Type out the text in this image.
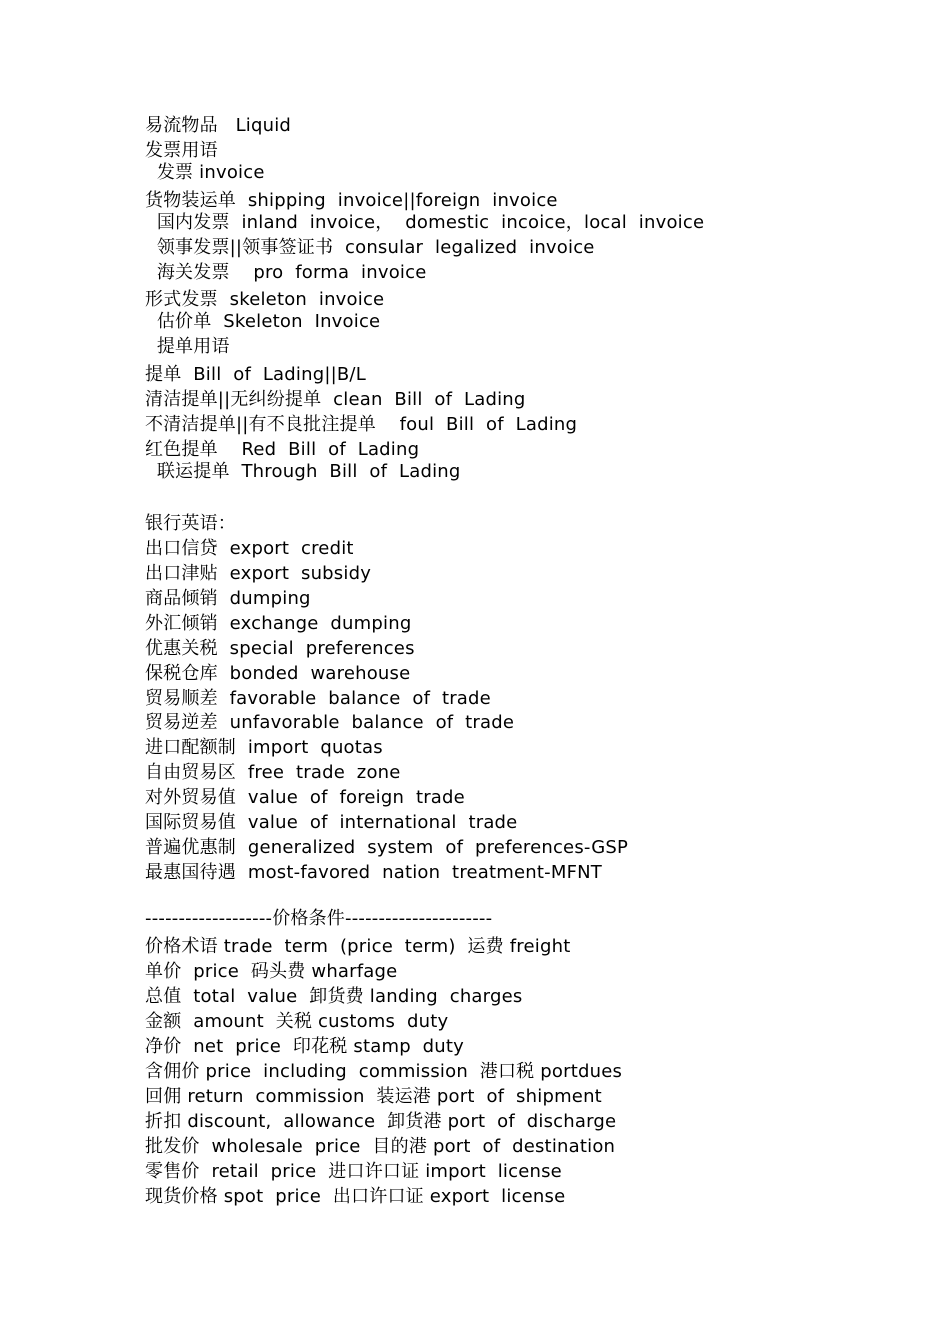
易流物品   Liquid
发票用语
发票 invoice
货物装运单  shipping  invoice||foreign  invoice
国内发票  inland  invoice，  domestic  incoice，local  invoice
领事发票||领事签证书  consular  legalized  invoice
海关发票    pro  forma  invoice
形式发票  skeleton  invoice
估价单  Skeleton  Invoice
提单用语
提单  Bill  of  Lading||B/L
清洁提单||无纠纷提单  clean  Bill  of  Lading
不清洁提单||有不良批注提单    foul  Bill  of  Lading
红色提单    Red  Bill  of  Lading
联运提单  Through  Bill  of  Lading
银行英语：
出口信贷  export  credit
出口津贴  export  subsidy
商品倾销  dumping
外汇倾销  exchange  dumping
优惠关税  special  preferences
保税仓库  bonded  warehouse
贸易顺差  favorable  balance  of  trade
贸易逆差  unfavorable  balance  of  trade
进口配额制  import  quotas
自由贸易区  free  trade  zone
对外贸易值  value  of  foreign  trade
国际贸易值  value  of  international  trade
普遍优惠制  generalized  system  of  preferences-GSP
最惠国待遇  most-favored  nation  treatment-MFNT
-------------------价格条件----------------------
价格术语 trade  term  (price  term)  运费 freight
单价  price  码头费 wharfage
总值  total  value  卸货费 landing  charges
金额  amount  关税 customs  duty
净价  net  price  印花税 stamp  duty
含佣价 price  including  commission  港口税 portdues
回佣 return  commission  装运港 port  of  shipment
折扣 discount,  allowance  卸货港 port  of  discharge
批发价  wholesale  price  目的港 port  of  destination
零售价  retail  price  进口许口证 import  license
现货价格 spot  price  出口许口证 export  license
